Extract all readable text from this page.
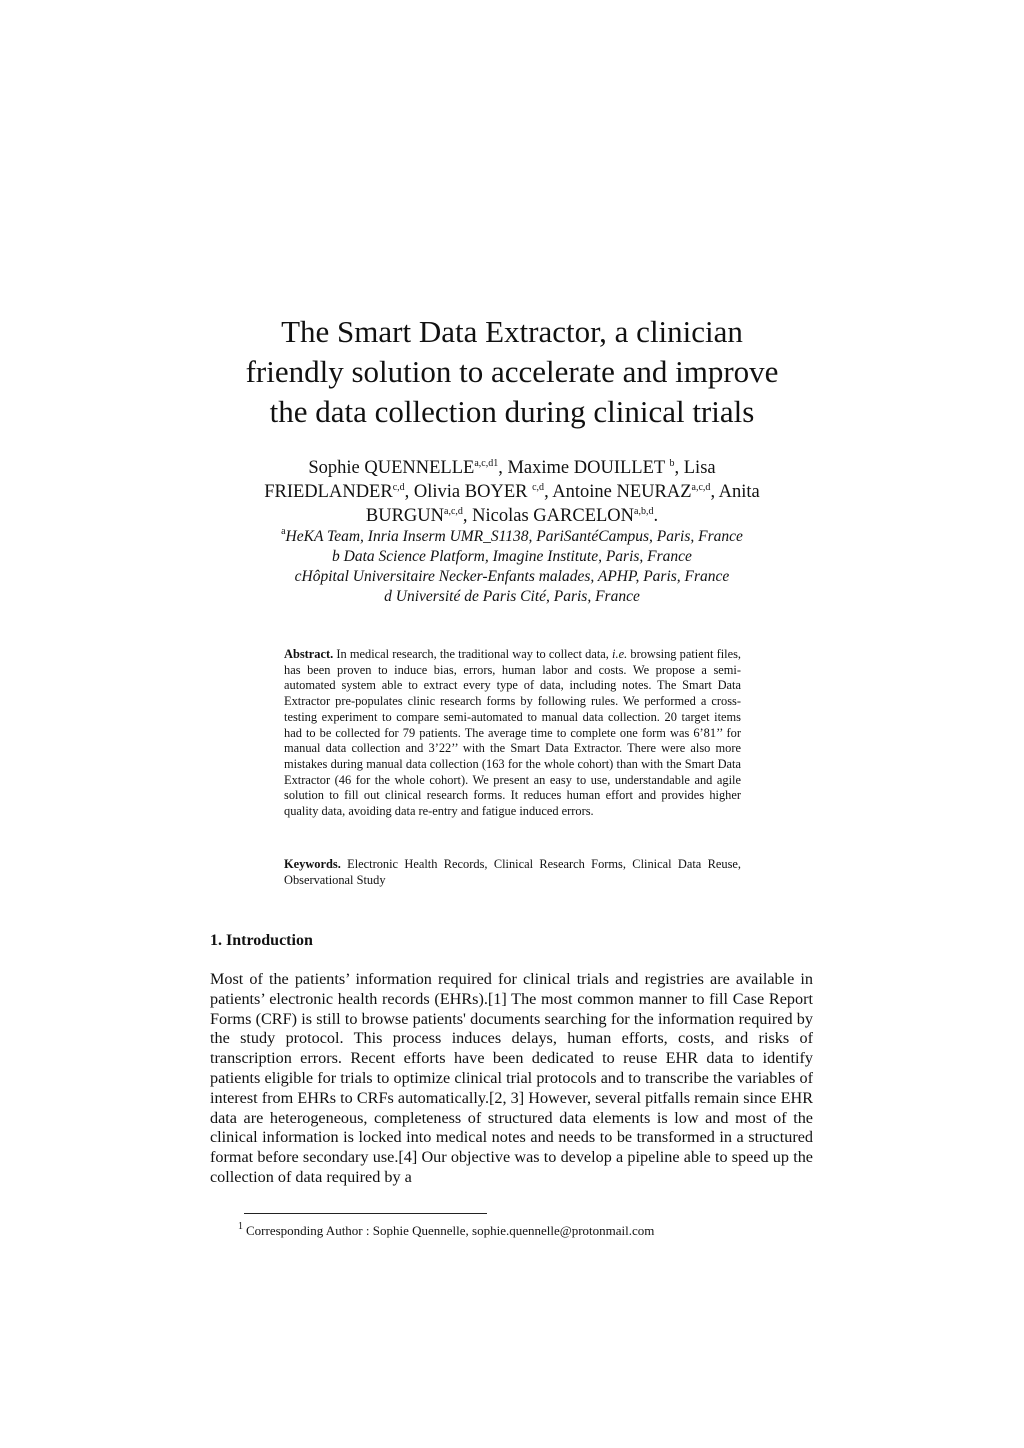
The Smart Data Extractor, a clinician
friendly solution to accelerate and improve
the data collection during clinical trials
Sophie $QUENNELLE^{a,c,d1}$, Maxime DOUILLET $^b$, Lisa
FRIEDLANDER$^{c,d}$, Olivia BOYER $^{c,d}$, Antoine NEURAZ$^{a,c,d}$, Anita
BURGUN$^{a,c,d}$, Nicolas GARCELON$^{a,b,d}$.
$^a$HeKA Team, Inria Inserm UMR_S1138, PariSantéCampus, Paris, France
b Data Science Platform, Imagine Institute, Paris, France
cHôpital Universitaire Necker-Enfants malades, APHP, Paris, France
d Université de Paris Cité, Paris, France

Abstract. In medical research, the traditional way to collect data, i.e. browsing patient files, has been proven to induce bias, errors, human labor and costs. We propose a semi-automated system able to extract every type of data, including notes. The Smart Data Extractor pre-populates clinic research forms by following rules. We performed a cross-testing experiment to compare semi-automated to manual data collection. 20 target items had to be collected for 79 patients. The average time to complete one form was 6’81’’ for manual data collection and 3’22’’ with the Smart Data Extractor. There were also more mistakes during manual data collection (163 for the whole cohort) than with the Smart Data Extractor (46 for the whole cohort). We present an easy to use, understandable and agile solution to fill out clinical research forms. It reduces human effort and provides higher quality data, avoiding data re-entry and fatigue induced errors.

Keywords. Electronic Health Records, Clinical Research Forms, Clinical Data Reuse, Observational Study

1. Introduction

Most of the patients’ information required for clinical trials and registries are available in patients’ electronic health records (EHRs).[1] The most common manner to fill Case Report Forms (CRF) is still to browse patients' documents searching for the information required by the study protocol. This process induces delays, human efforts, costs, and risks of transcription errors. Recent efforts have been dedicated to reuse EHR data to identify patients eligible for trials to optimize clinical trial protocols and to transcribe the variables of interest from EHRs to CRFs automatically.[2, 3] However, several pitfalls remain since EHR data are heterogeneous, completeness of structured data elements is low and most of the clinical information is locked into medical notes and needs to be transformed in a structured format before secondary use.[4] Our objective was to develop a pipeline able to speed up the collection of data required by a

$^1$ Corresponding Author : Sophie Quennelle, sophie.quennelle@protonmail.com
